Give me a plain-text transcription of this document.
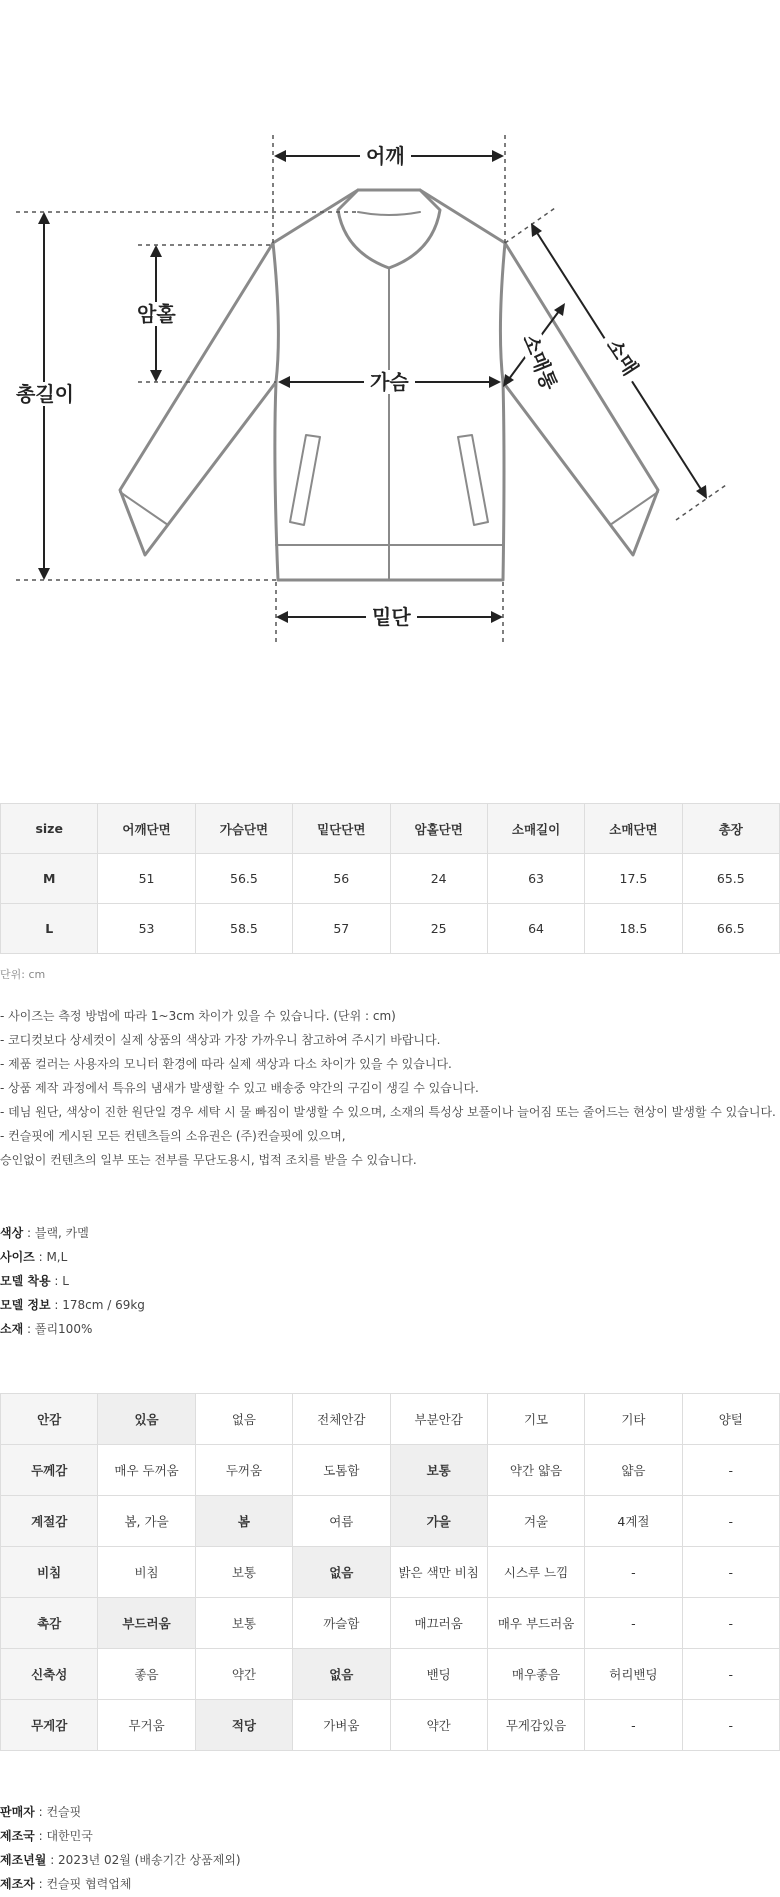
어깨
암홀
총길이	가슴	소매통 소매
밑단
size	어깨단면	가슴단면	밑단단면	암홀단면	소매길이	소매단면	총장
M	51	56.5	56	24	63	17.5	65.5
L	53	58.5	57	25	64	18.5	66.5
단위: cm
- 사이즈는 측정 방법에 따라 1~3cm 차이가 있을 수 있습니다. (단위 : cm)
- 코디컷보다 상세컷이 실제 상품의 색상과 가장 가까우니 참고하여 주시기 바랍니다.
- 제품 컬러는 사용자의 모니터 환경에 따라 실제 색상과 다소 차이가 있을 수 있습니다.
- 상품 제작 과정에서 특유의 냄새가 발생할 수 있고 배송중 약간의 구김이 생길 수 있습니다.
- 데님 원단, 색상이 진한 원단일 경우 세탁 시 물 빠짐이 발생할 수 있으며, 소재의 특성상 보풀이나 늘어짐 또는 줄어드는 현상이 발생할 수 있습니다.
- 컨슬핏에 게시된 모든 컨텐츠들의 소유권은 (주)컨슬핏에 있으며,
승인없이 컨텐츠의 일부 또는 전부를 무단도용시, 법적 조치를 받을 수 있습니다.
색상 : 블랙, 카멜
사이즈 : M,L
모델 착용 : L
모델 정보 : 178cm / 69kg
소재 : 폴리100%
안감	있음	없음	전체안감	부분안감	기모	기타	양털
두께감	매우 두꺼움	두꺼움	도톰함	보통	약간 얇음	얇음	-
계절감	봄, 가을	봄	여름	가을	겨울	4계절	-
비침	비침	보통	없음	밝은 색만 비침	시스루 느낌	-	-
촉감	부드러움	보통	까슬함	매끄러움	매우 부드러움	-	-
신축성	좋음	약간	없음	밴딩	매우좋음	허리밴딩	-
무게감	무거움	적당	가벼움	약간	무게감있음	-	-
판매자 : 컨슬핏
제조국 : 대한민국
제조년월 : 2023년 02월 (배송기간 상품제외)
제조자 : 컨슬핏 협력업체
